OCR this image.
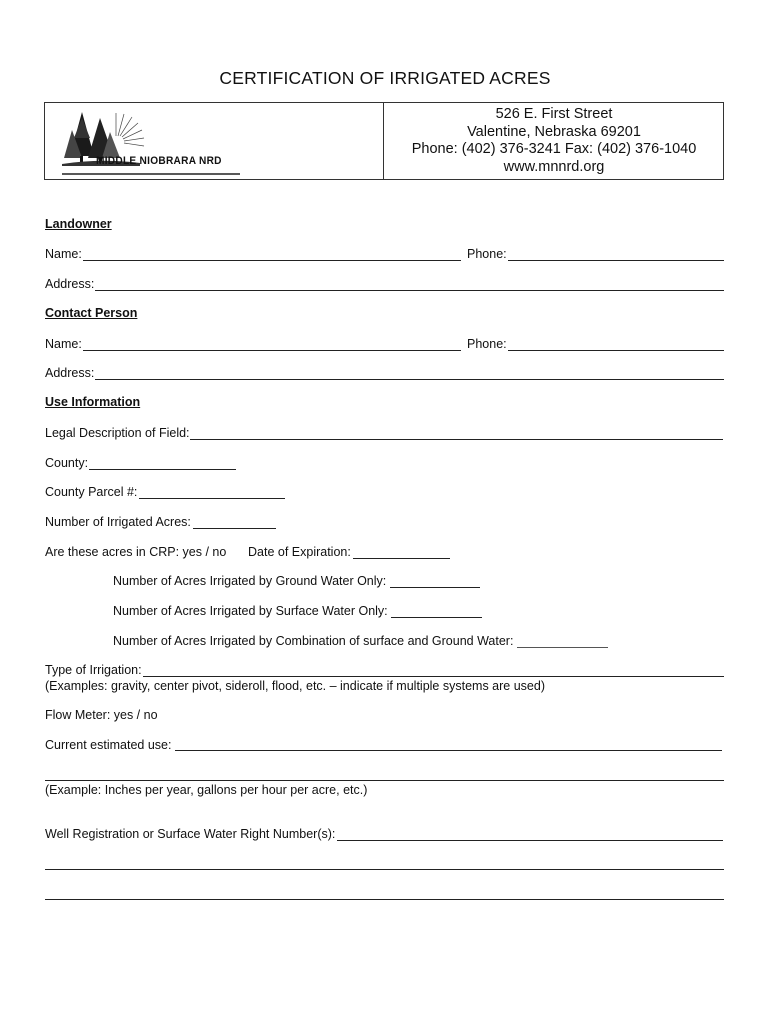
CERTIFICATION OF IRRIGATED ACRES
MIDDLE NIOBRARA NRD
526 E. First Street
Valentine, Nebraska 69201
Phone: (402) 376-3241 Fax: (402) 376-1040
www.mnnrd.org
Landowner
Name:	Phone:
Address:
Contact Person
Name:	Phone:
Address:
Use Information
Legal Description of Field:
County:
County Parcel #:
Number of Irrigated Acres:
Are these acres in CRP: yes / no Date of Expiration:
Number of Acres Irrigated by Ground Water Only:
Number of Acres Irrigated by Surface Water Only:
Number of Acres Irrigated by Combination of surface and Ground Water:
Type of Irrigation:
(Examples: gravity, center pivot, sideroll, flood, etc. – indicate if multiple systems are used)
Flow Meter: yes / no
Current estimated use:
(Example: Inches per year, gallons per hour per acre, etc.)
Well Registration or Surface Water Right Number(s):
